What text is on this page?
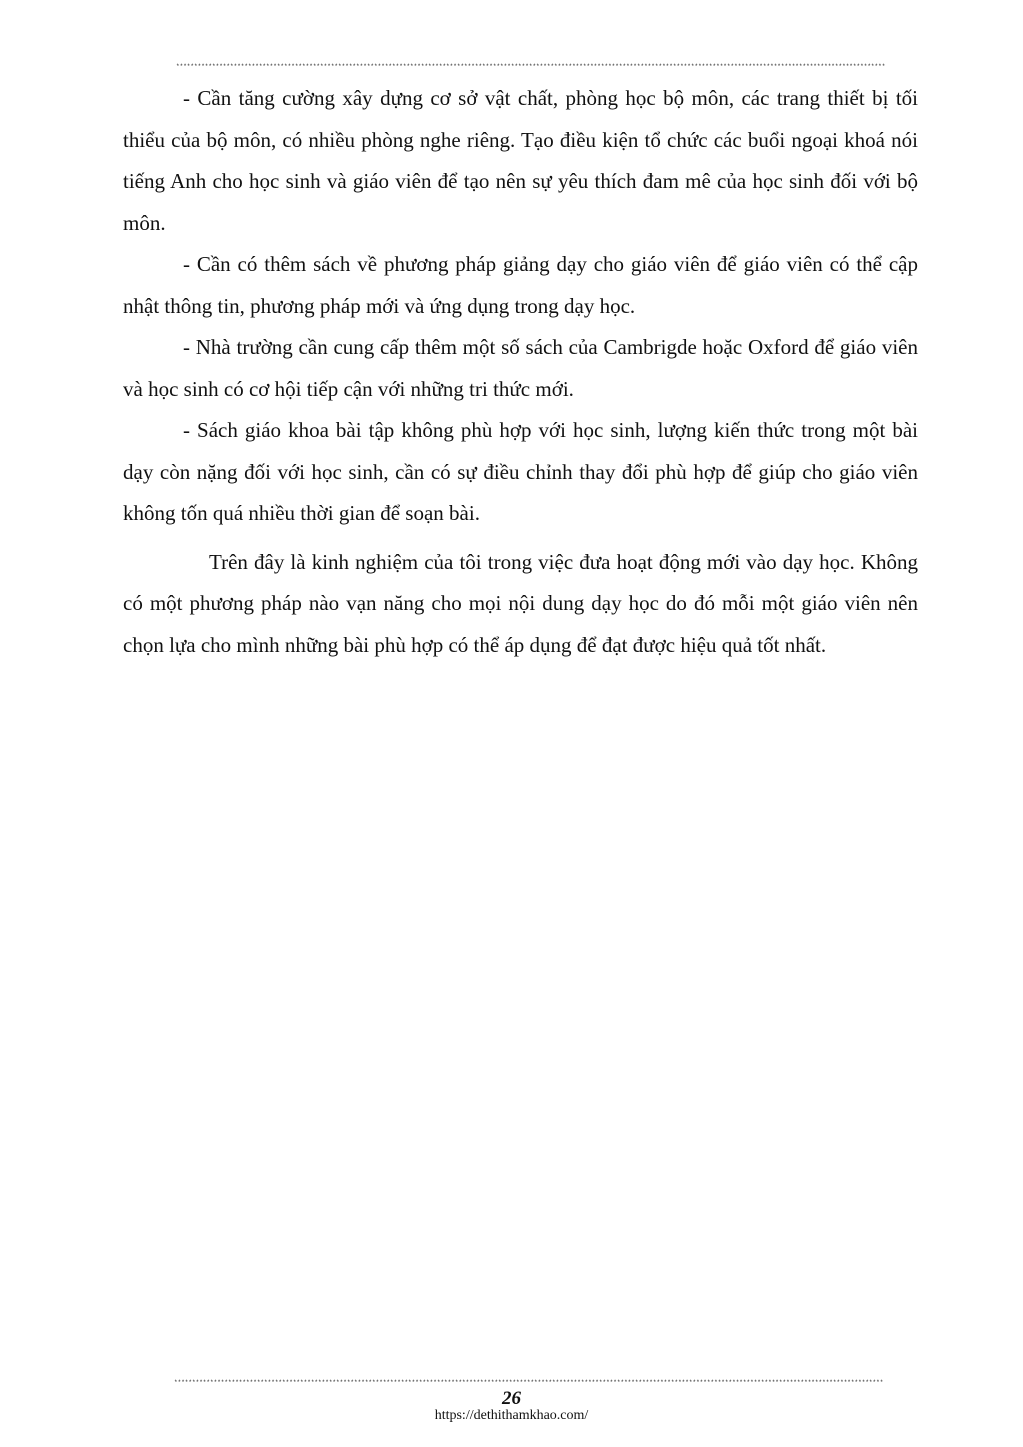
*****************************************************************************************************************************************************************************************************

- Cần tăng cường xây dựng cơ sở vật chất, phòng học bộ môn, các trang thiết bị tối thiểu của bộ môn, có nhiều phòng nghe riêng. Tạo điều kiện tổ chức các buổi ngoại khoá nói tiếng Anh cho học sinh và giáo viên để tạo nên sự yêu thích đam mê của học sinh đối với bộ môn.

- Cần có thêm sách về phương pháp giảng dạy cho giáo viên để giáo viên có thể cập nhật thông tin, phương pháp mới và ứng dụng trong dạy học.

- Nhà trường cần cung cấp thêm một số sách của Cambrigde hoặc Oxford để giáo viên và học sinh có cơ hội tiếp cận với những tri thức mới.

- Sách giáo khoa bài tập không phù hợp với học sinh, lượng kiến thức trong một bài dạy còn nặng đối với học sinh, cần có sự điều chỉnh thay đổi phù hợp để giúp cho giáo viên không tốn quá nhiều thời gian để soạn bài.

Trên đây là kinh nghiệm của tôi trong việc đưa hoạt động mới vào dạy học. Không có một phương pháp nào vạn năng cho mọi nội dung dạy học do đó mỗi một giáo viên nên chọn lựa cho mình những bài phù hợp có thể áp dụng để đạt được hiệu quả tốt nhất.

*****************************************************************************************************************************************************************************************************
26
https://dethithamkhao.com/
